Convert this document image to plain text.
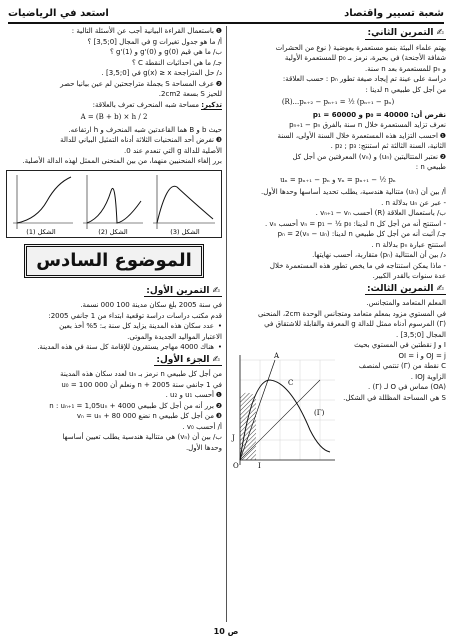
استعد في الرياضيات	شعبة تسيير واقتصاد
✍التمرين الثاني:
يهتم علماء البيئة بنمو مستعمرة بعوضية ( نوع من الحشرات
شفافة الأجنحة) في بحيرة، نرمز بـ p₀ للمستعمرة الأولية
و pₙ للمستعمرة بعد n سنة.
دراسة على عينة تم إيجاد صيغة تطور pₙ : حسب العلاقة:
من أجل كل طبيعي n لدينا :
(R)...pₙ₊₂ − pₙ₊₁ = ½ (pₙ₊₁ − pₙ)
نفرض أن: p₀ = 40000 و p₁ = 60000
نعرف تزايد المستعمرة خلال n سنة بالفرق pₙ₊₁ − pₙ
❶
احسب التزايد هذه المستعمرة خلال السنة الأولى، السنة
الثانية، السنة الثالثة ثم استنتج: p₂ ; p₃ .
❷
نعتبر المتتاليتين (uₙ) و (vₙ) المعرفتين من أجل كل
طبيعي n :
uₙ = pₙ₊₁ − pₙ و vₙ = pₙ₊₁ − ½ pₙ
أ/ بين أن (uₙ) متتالية هندسية، يطلب تحديد أساسها وحدها الأول.
- عبر عن uₙ بدلالة n .
ب/ باستعمال العلاقة (R) أحسب vₙ₊₁ − vₙ .
- استنتج أنه من أجل كل n لدينا: vₙ = p₁ − ½ p₀ أحسب vₙ .
جـ/ أثبت أنه من أجل كل طبيعي n لدينا: pₙ = 2(vₙ − uₙ)
استنتج عبارة pₙ بدلالة n .
د/ بين أن المتتالية (pₙ) متقاربة، أحسب نهايتها.
- ماذا يمكن استنتاجه في ما يخص تطور هذه المستعمرة خلال
عدة سنوات بالقدر الكبير.
✍التمرين الثالث:
المعلم المتعامد والمتجانس.
في المستوي مزود بمعلم متعامد ومتجانس الوحدة 2cm، المنحنى
(Γ) المرسوم أدناه ممثل للدالة g المعرفة والقابلة للاشتقاق في
المجال [0;3,5] .
A
C
J
O	I
(Γ)
I و J نقطتين في المستوي بحيث
OJ = j و OI = i
C نقطة من (Γ) تنتمي لمنصف
الزاوية IOJ .
(OA) مماس في O لـ (Γ) .
S هي المساحة المظللة في الشكل.
❶
باستعمال القراءة البيانية أجب عن الأسئلة التالية :
أ/ ما هو جدول تغيرات g في المجال [0;3,5] ؟
ب/ ما هي قيم g(0) و g'(0) و g'(1) ؟
جـ/ ما هي احداثيات النقطة C ؟
د/ حل المتراجحة g(x) ≥ x في [0;3,5] .
❷
عرف المساحة S بجملة متراجحتين لم عين بيانيا حصر
للحيز S بسعة 2cm2.
تذكير: مساحة شبه المنحرف تعرف بالعلاقة:
A = (B + b) × h / 2
حيث b و B هما القاعدتين شبه المنحرف و h ارتفاعه.
❸
نفرض أحد المنحنيات الثلاثة أدناه التمثيل البياني للدالة
الأصلية للدالة g التي تنعدم عند 0.
برر إلغاء المنحنيين منهما، من بين المنحنى الممثل لهذه الدالة الأصلية.
الشكل (1)	الشكل (2)	الشكل (3)
الموضوع السادس
✍التمرين الأول:
في سنة 2005 بلغ سكان مدينة 100 000 نسمة.
قدم مكتب دراسات دراسة توقعية ابتداء من 1 جانفي 2005:
•
عدد سكان هذه المدينة يزايد كل سنة بـ: 5% أخذ بعين
الاعتبار المواليد الجديدة والموتى.
•
هناك 4000 مهاجر يستقرون للإقامة كل سنة في هذه المدينة.
✍الجزء الأول:
من أجل كل طبيعي n نرمز بـ uₙ لعدد سكان هذه المدينة
في 1 جانفي سنة 2005 + n ونعلم أن u₀ = 100 000
❶
أحسب u₁ و u₂ .
❷
برر أنه من أجل كل طبيعي n : uₙ₊₁ = 1,05uₙ + 4000
❸
من أجل كل طبيعي n نضع vₙ = uₙ + 80 000
أ/ أحسب v₀ .
ب/ بين أن (vₙ) هي متتالية هندسية يطلب تعيين أساسها
وحدها الأول.
10 ص
